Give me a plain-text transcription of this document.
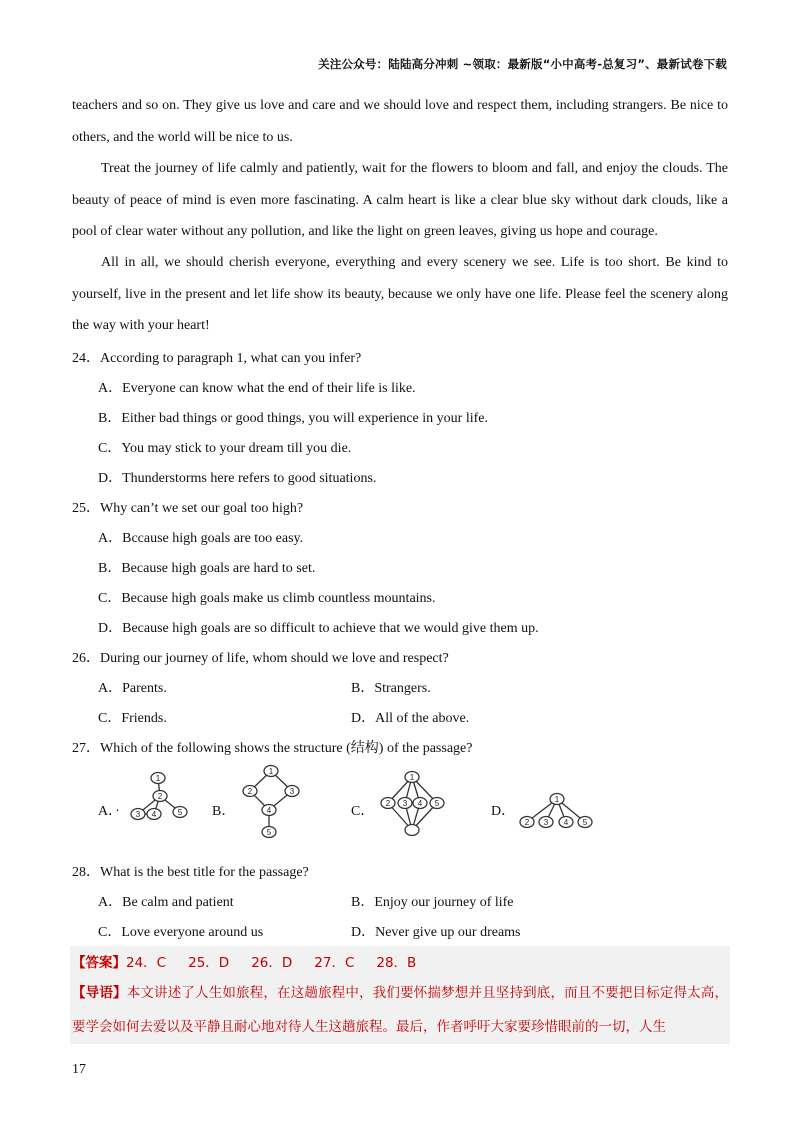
关注公众号：陆陆高分冲刺 ~领取：最新版“小中高考-总复习”、最新试卷下载

teachers and so on. They give us love and care and we should love and respect them, including strangers. Be nice to others, and the world will be nice to us.

Treat the journey of life calmly and patiently, wait for the flowers to bloom and fall, and enjoy the clouds. The beauty of peace of mind is even more fascinating. A calm heart is like a clear blue sky without dark clouds, like a pool of clear water without any pollution, and like the light on green leaves, giving us hope and courage.

All in all, we should cherish everyone, everything and every scenery we see. Life is too short. Be kind to yourself, live in the present and let life show its beauty, because we only have one life. Please feel the scenery along the way with your heart!

24．According to paragraph 1, what can you infer?
A．Everyone can know what the end of their life is like.
B．Either bad things or good things, you will experience in your life.
C．You may stick to your dream till you die.
D．Thunderstorms here refers to good situations.
25．Why can’t we set our goal too high?
A．Bccause high goals are too easy.
B．Because high goals are hard to set.
C．Because high goals make us climb countless mountains.
D．Because high goals are so difficult to achieve that we would give them up.
26．During our journey of life, whom should we love and respect?
A．Parents.	B．Strangers.
C．Friends.	D．All of the above.
27．Which of the following shows the structure (结构) of the passage?
A．·	B．	C．	D．
1
2
3 4	5
1
2	3
4
5
1
2 3 4 5	1
2 3 4 5
28．What is the best title for the passage?
A．Be calm and patient	B．Enjoy our journey of life
C．Love everyone around us	D．Never give up our dreams
【答案】24．C 25．D 26．D 27．C 28．B
【导语】本文讲述了人生如旅程，在这趟旅程中，我们要怀揣梦想并且坚持到底，而且不要把目标定得太高，要学会如何去爱以及平静且耐心地对待人生这趟旅程。最后，作者呼吁大家要珍惜眼前的一切，人生
17
